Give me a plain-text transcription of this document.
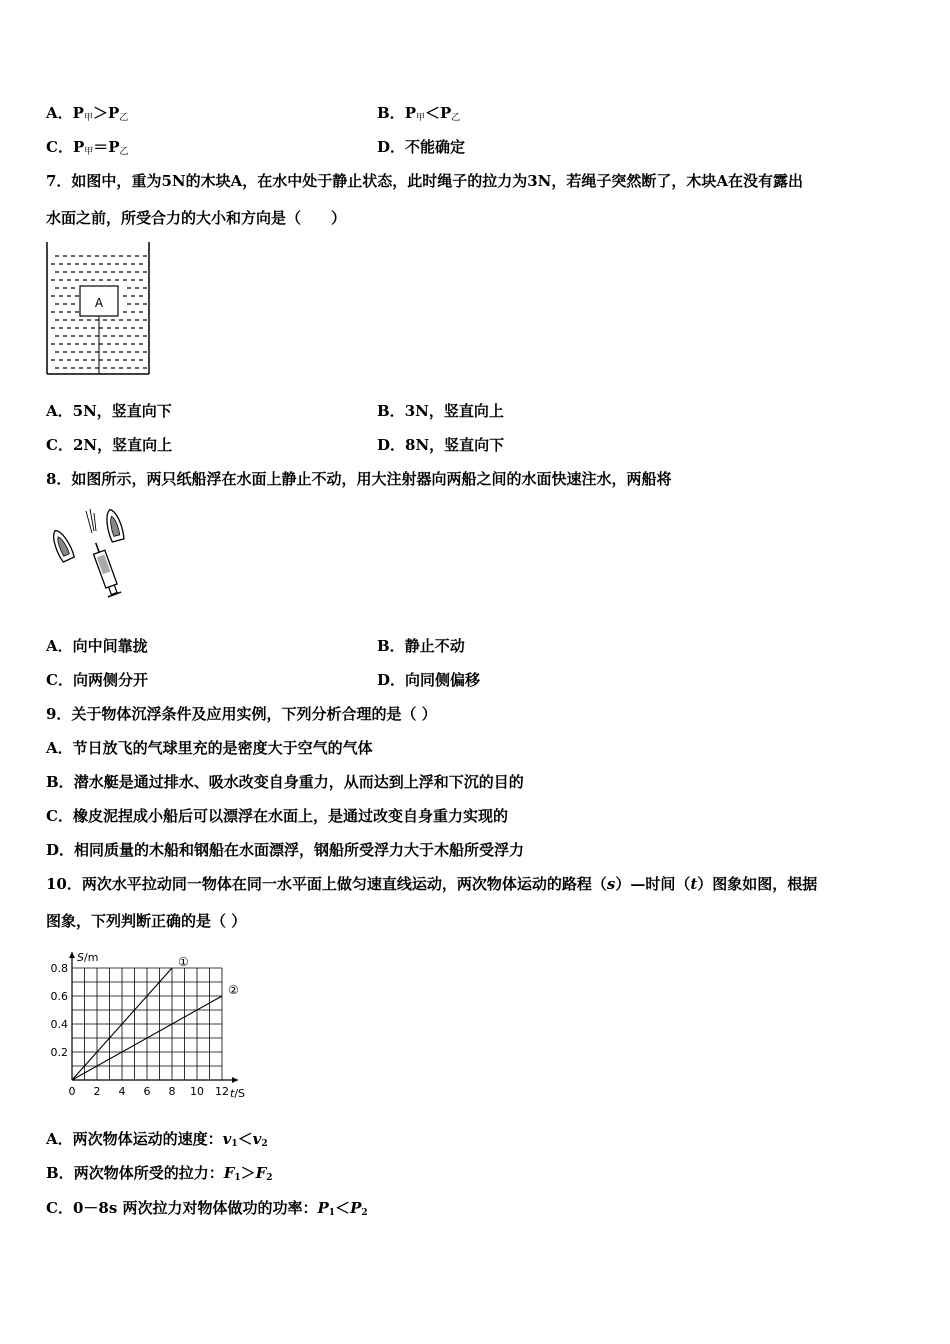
A．$P_甲>P_乙$	B．$P_甲<P_乙$
C．$P_甲=P_乙$	D．不能确定
7．如图中，重为5N的木块A，在水中处于静止状态，此时绳子的拉力为3N，若绳子突然断了，木块A在没有露出
水面之前，所受合力的大小和方向是（　　）
A
A．5N，竖直向下	B．3N，竖直向上
C．2N，竖直向上	D．8N，竖直向下
8．如图所示，两只纸船浮在水面上静止不动，用大注射器向两船之间的水面快速注水，两船将
A．向中间靠拢	B．静止不动
C．向两侧分开	D．向同侧偏移
9．关于物体沉浮条件及应用实例，下列分析合理的是（ ）
A．节日放飞的气球里充的是密度大于空气的气体
B．潜水艇是通过排水、吸水改变自身重力，从而达到上浮和下沉的目的
C．橡皮泥捏成小船后可以漂浮在水面上，是通过改变自身重力实现的
D．相同质量的木船和钢船在水面漂浮，钢船所受浮力大于木船所受浮力
10．两次水平拉动同一物体在同一水平面上做匀速直线运动，两次物体运动的路程（s）—时间（t）图象如图，根据
图象，下列判断正确的是（ ）
①
②
0 2 4 6 8 10 12
0.2
0.4
0.6
0.8
S/m
t/S
A．两次物体运动的速度：v1＜v2
B．两次物体所受的拉力：F1＞F2
C．0－8s 两次拉力对物体做功的功率：P1＜P2
